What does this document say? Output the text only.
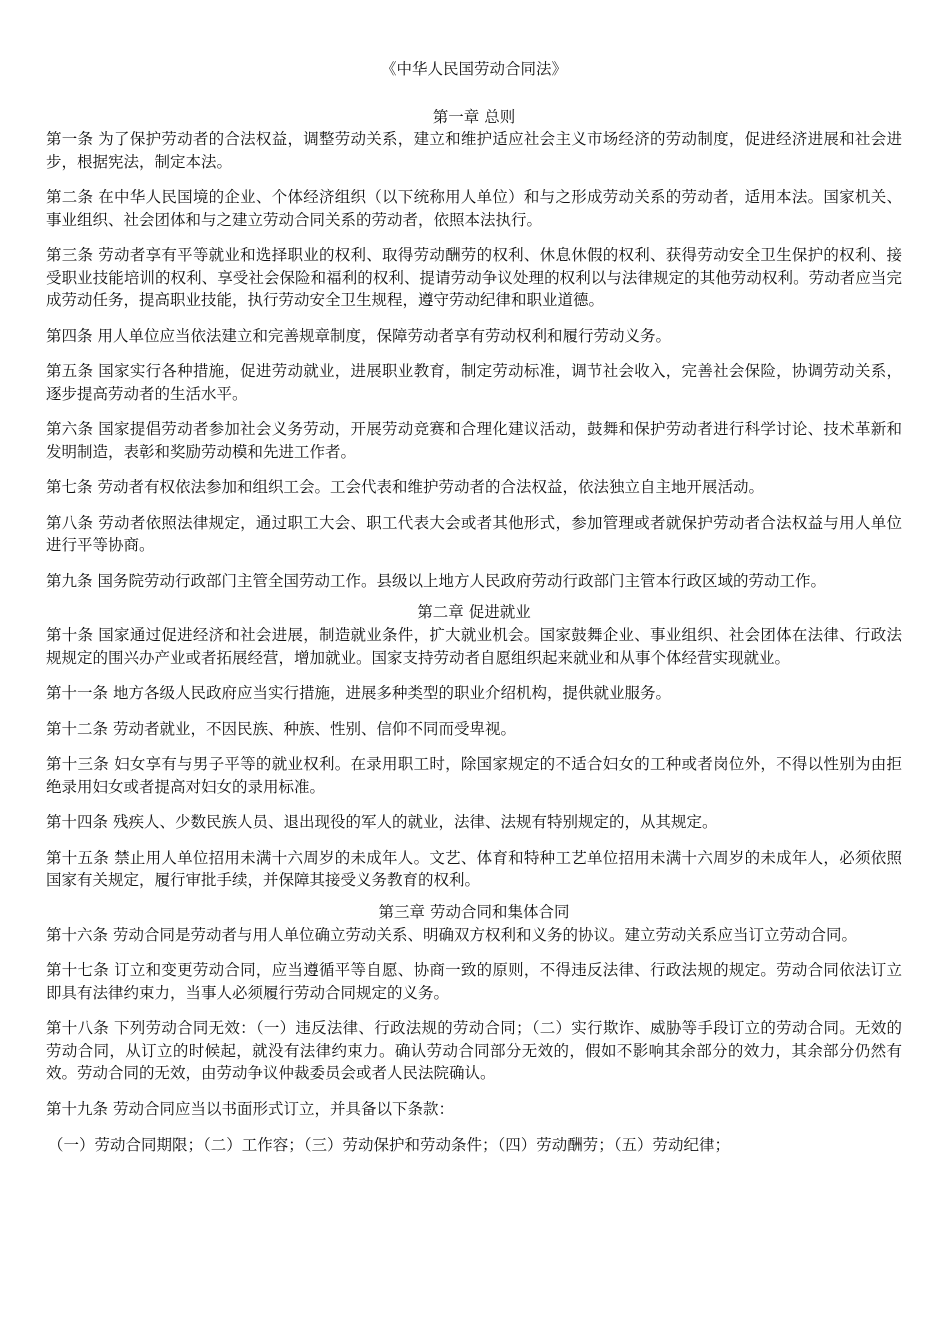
《中华人民国劳动合同法》
第一章 总则

第一条 为了保护劳动者的合法权益，调整劳动关系，建立和维护适应社会主义市场经济的劳动制度，促进经济进展和社会进步，根据宪法，制定本法。

第二条 在中华人民国境的企业、个体经济组织（以下统称用人单位）和与之形成劳动关系的劳动者，适用本法。国家机关、事业组织、社会团体和与之建立劳动合同关系的劳动者，依照本法执行。

第三条 劳动者享有平等就业和选择职业的权利、取得劳动酬劳的权利、休息休假的权利、获得劳动安全卫生保护的权利、接受职业技能培训的权利、享受社会保险和福利的权利、提请劳动争议处理的权利以与法律规定的其他劳动权利。劳动者应当完成劳动任务，提高职业技能，执行劳动安全卫生规程，遵守劳动纪律和职业道德。

第四条 用人单位应当依法建立和完善规章制度，保障劳动者享有劳动权利和履行劳动义务。

第五条 国家实行各种措施，促进劳动就业，进展职业教育，制定劳动标准，调节社会收入，完善社会保险，协调劳动关系，逐步提高劳动者的生活水平。

第六条 国家提倡劳动者参加社会义务劳动，开展劳动竞赛和合理化建议活动，鼓舞和保护劳动者进行科学讨论、技术革新和发明制造，表彰和奖励劳动模和先进工作者。

第七条 劳动者有权依法参加和组织工会。工会代表和维护劳动者的合法权益，依法独立自主地开展活动。

第八条 劳动者依照法律规定，通过职工大会、职工代表大会或者其他形式，参加管理或者就保护劳动者合法权益与用人单位进行平等协商。

第九条 国务院劳动行政部门主管全国劳动工作。县级以上地方人民政府劳动行政部门主管本行政区域的劳动工作。

第二章 促进就业

第十条 国家通过促进经济和社会进展，制造就业条件，扩大就业机会。国家鼓舞企业、事业组织、社会团体在法律、行政法规规定的围兴办产业或者拓展经营，增加就业。国家支持劳动者自愿组织起来就业和从事个体经营实现就业。

第十一条 地方各级人民政府应当实行措施，进展多种类型的职业介绍机构，提供就业服务。

第十二条 劳动者就业，不因民族、种族、性别、信仰不同而受卑视。

第十三条 妇女享有与男子平等的就业权利。在录用职工时，除国家规定的不适合妇女的工种或者岗位外，不得以性别为由拒绝录用妇女或者提高对妇女的录用标准。

第十四条 残疾人、少数民族人员、退出现役的军人的就业，法律、法规有特别规定的，从其规定。

第十五条 禁止用人单位招用未满十六周岁的未成年人。文艺、体育和特种工艺单位招用未满十六周岁的未成年人，必须依照国家有关规定，履行审批手续，并保障其接受义务教育的权利。

第三章 劳动合同和集体合同

第十六条 劳动合同是劳动者与用人单位确立劳动关系、明确双方权利和义务的协议。建立劳动关系应当订立劳动合同。

第十七条 订立和变更劳动合同，应当遵循平等自愿、协商一致的原则，不得违反法律、行政法规的规定。劳动合同依法订立即具有法律约束力，当事人必须履行劳动合同规定的义务。

第十八条 下列劳动合同无效：（一）违反法律、行政法规的劳动合同；（二）实行欺诈、威胁等手段订立的劳动合同。无效的劳动合同，从订立的时候起，就没有法律约束力。确认劳动合同部分无效的，假如不影响其余部分的效力，其余部分仍然有效。劳动合同的无效，由劳动争议仲裁委员会或者人民法院确认。

第十九条 劳动合同应当以书面形式订立，并具备以下条款：

（一）劳动合同期限；（二）工作容；（三）劳动保护和劳动条件；（四）劳动酬劳；（五）劳动纪律；
